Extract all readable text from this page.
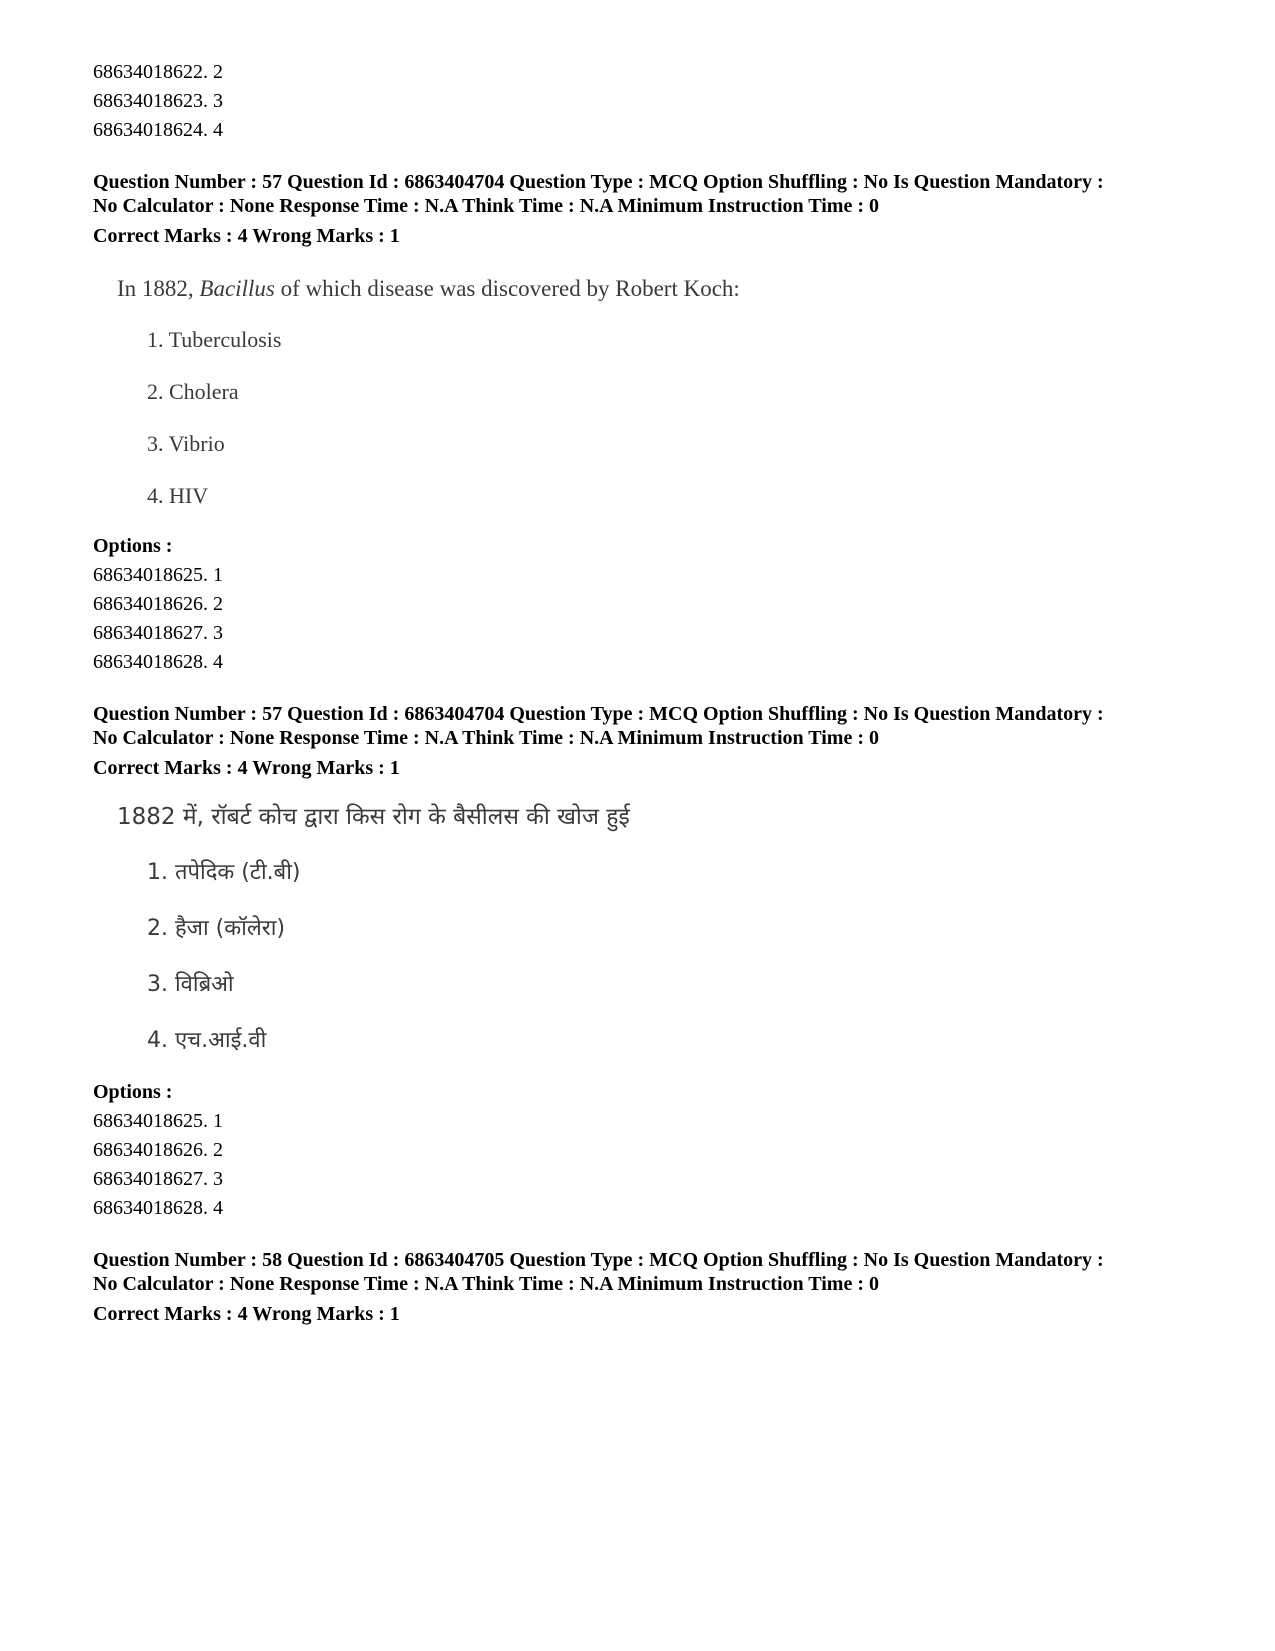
68634018622. 2
68634018623. 3
68634018624. 4
Question Number : 57 Question Id : 6863404704 Question Type : MCQ Option Shuffling : No Is Question Mandatory :
No Calculator : None Response Time : N.A Think Time : N.A Minimum Instruction Time : 0
Correct Marks : 4 Wrong Marks : 1
In 1882, Bacillus of which disease was discovered by Robert Koch:
1. Tuberculosis
2. Cholera
3. Vibrio
4. HIV
Options :
68634018625. 1
68634018626. 2
68634018627. 3
68634018628. 4
Question Number : 57 Question Id : 6863404704 Question Type : MCQ Option Shuffling : No Is Question Mandatory :
No Calculator : None Response Time : N.A Think Time : N.A Minimum Instruction Time : 0
Correct Marks : 4 Wrong Marks : 1
1882 में, रॉबर्ट कोच द्वारा किस रोग के बैसीलस की खोज हुई
1. तपेदिक (टी.बी)
2. हैजा (कॉलेरा)
3. विब्रिओ
4. एच.आई.वी
Options :
68634018625. 1
68634018626. 2
68634018627. 3
68634018628. 4
Question Number : 58 Question Id : 6863404705 Question Type : MCQ Option Shuffling : No Is Question Mandatory :
No Calculator : None Response Time : N.A Think Time : N.A Minimum Instruction Time : 0
Correct Marks : 4 Wrong Marks : 1
